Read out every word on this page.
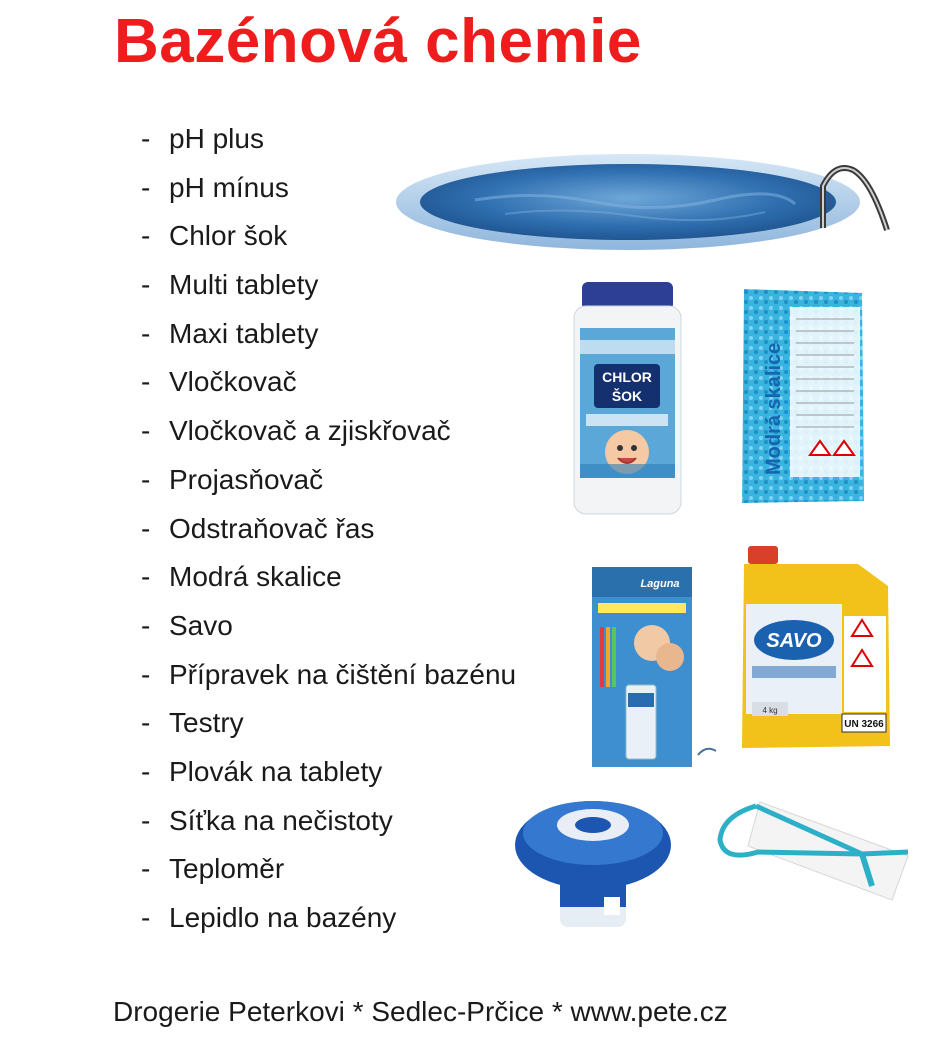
Bazénová chemie
- pH plus
- pH mínus
- Chlor šok
- Multi tablety
- Maxi tablety
- Vločkovač
- Vločkovač a zjiskřovač
- Projasňovač
- Odstraňovač řas
- Modrá skalice
- Savo
- Přípravek na čištění bazénu
- Testry
- Plovák na tablety
- Síťka na nečistoty
- Teploměr
- Lepidlo na bazény
CHLOR
ŠOK	Modrá skalice
Laguna
SAVO
4 kg
UN 3266
Drogerie Peterkovi * Sedlec-Prčice * www.pete.cz
